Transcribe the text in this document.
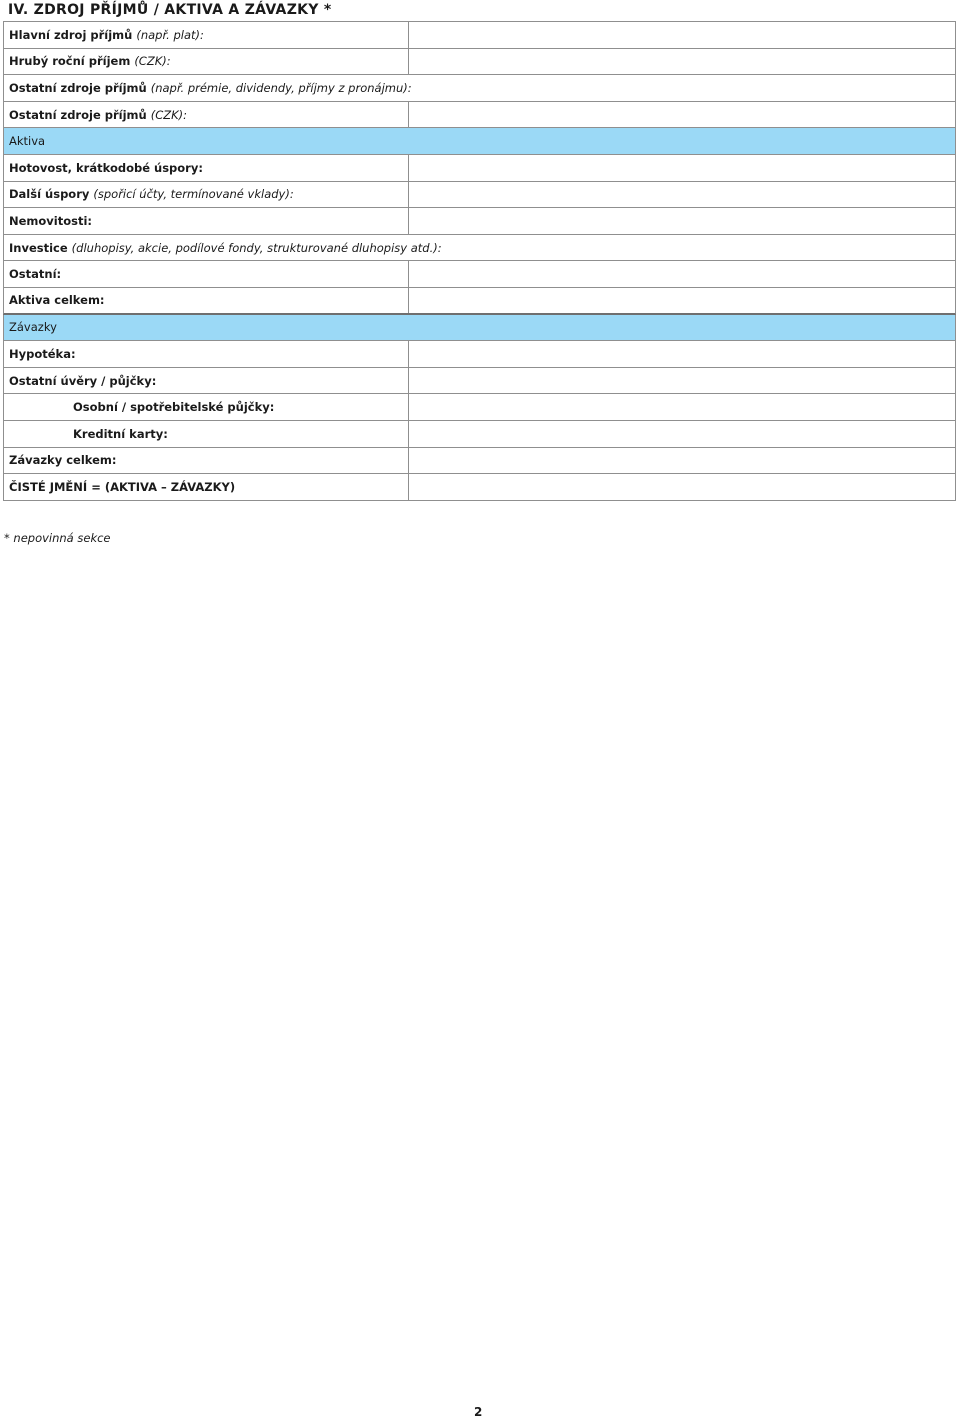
IV. ZDROJ PŘÍJMŮ / AKTIVA A ZÁVAZKY *
Hlavní zdroj příjmů (např. plat):
Hrubý roční příjem (CZK):
Ostatní zdroje příjmů (např. prémie, dividendy, příjmy z pronájmu):
Ostatní zdroje příjmů (CZK):
Aktiva
Hotovost, krátkodobé úspory:
Další úspory (spořicí účty, termínované vklady):
Nemovitosti:
Investice (dluhopisy, akcie, podílové fondy, strukturované dluhopisy atd.):
Ostatní:
Aktiva celkem:
Závazky
Hypotéka:
Ostatní úvěry / půjčky:
Osobní / spotřebitelské půjčky:
Kreditní karty:
Závazky celkem:
ČISTÉ JMĚNÍ = (AKTIVA – ZÁVAZKY)
* nepovinná sekce
2
